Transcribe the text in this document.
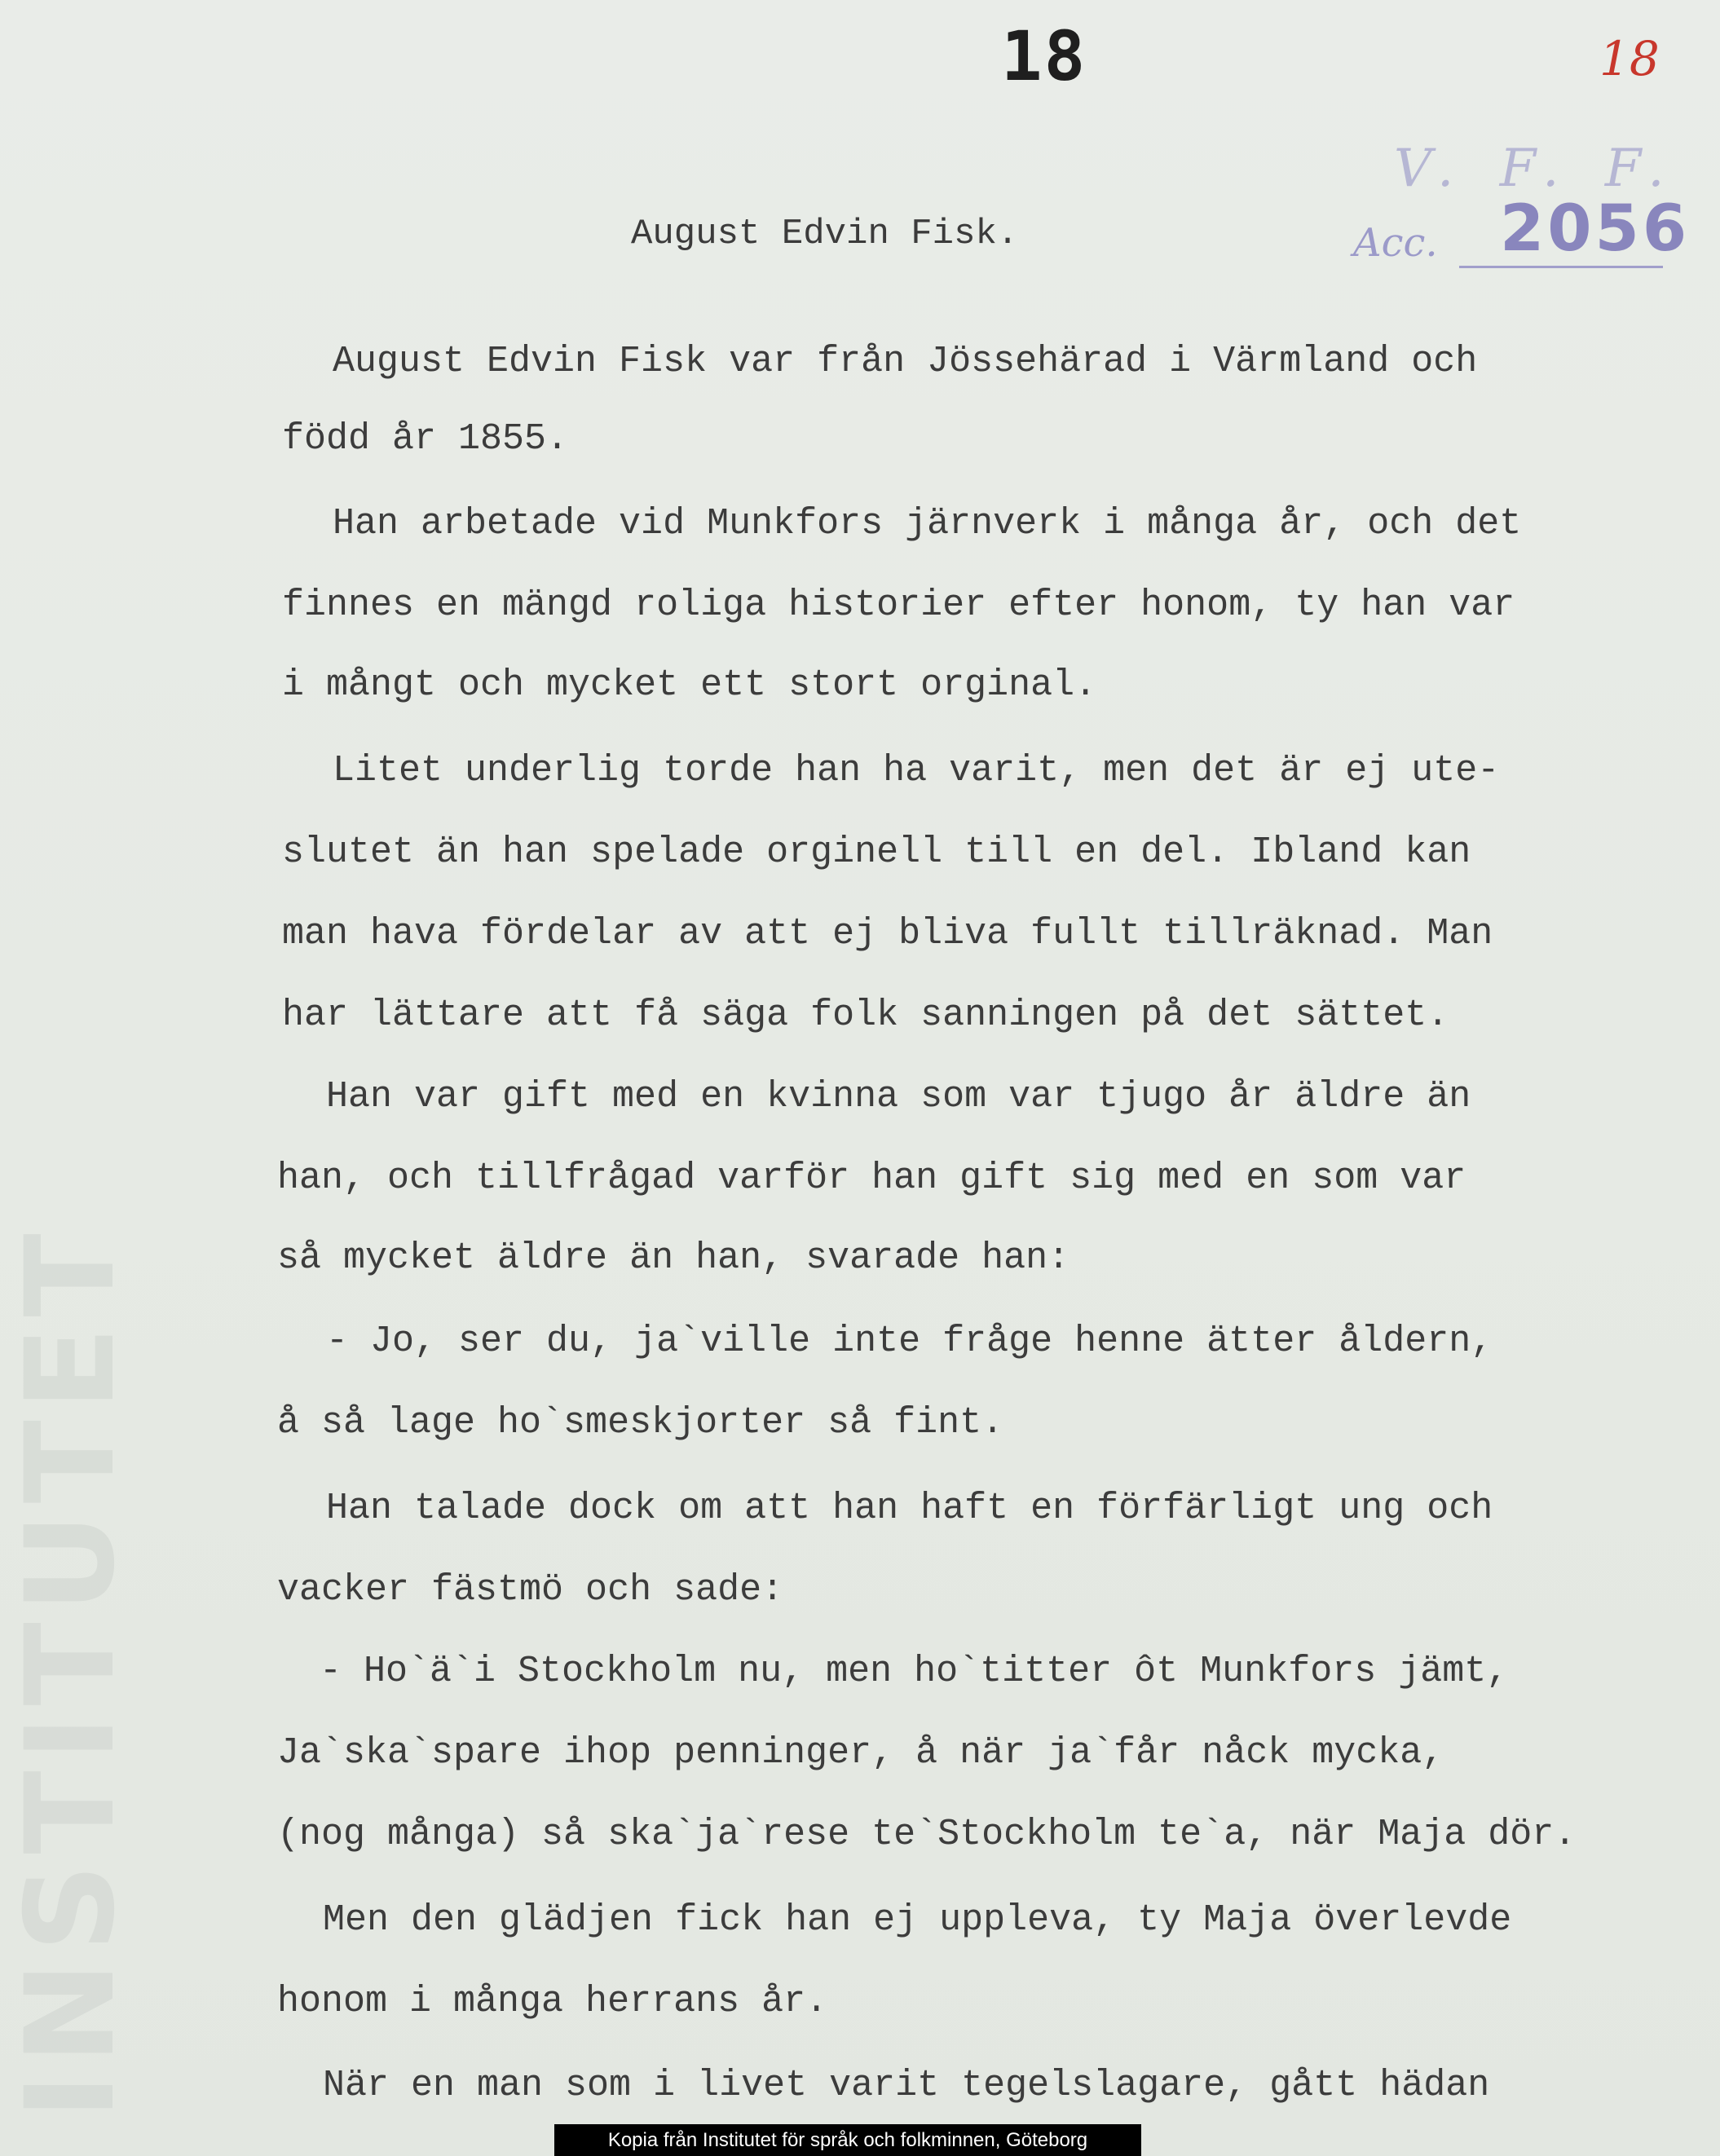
INSTITUTET
18	18
V. F. F.
Acc. 2056
August Edvin Fisk.
August Edvin Fisk var från Jössehärad i Värmland och
född år 1855.
Han arbetade vid Munkfors järnverk i många år, och det
finnes en mängd roliga historier efter honom, ty han var
i mångt och mycket ett stort orginal.
Litet underlig torde han ha varit, men det är ej ute-
slutet än han spelade orginell till en del. Ibland kan
man hava fördelar av att ej bliva fullt tillräknad. Man
har lättare att få säga folk sanningen på det sättet.
Han var gift med en kvinna som var tjugo år äldre än
han, och tillfrågad varför han gift sig med en som var
så mycket äldre än han, svarade han:
- Jo, ser du, ja`ville inte fråge henne ätter åldern,
å så lage ho`smeskjorter så fint.
Han talade dock om att han haft en förfärligt ung och
vacker fästmö och sade:
- Ho`ä`i Stockholm nu, men ho`titter ôt Munkfors jämt,
Ja`ska`spare ihop penninger, å när ja`får nåck mycka,
(nog många) så ska`ja`rese te`Stockholm te`a, när Maja dör.
Men den glädjen fick han ej uppleva, ty Maja överlevde
honom i många herrans år.
När en man som i livet varit tegelslagare, gått hädan
Kopia från Institutet för språk och folkminnen, Göteborg
